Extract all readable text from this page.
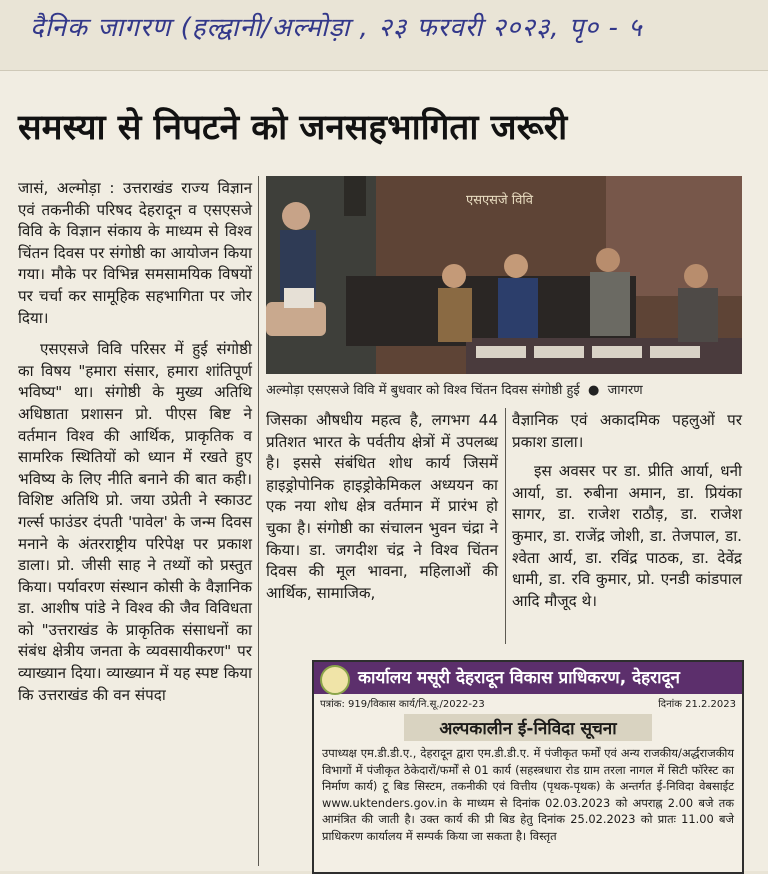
दैनिक जागरण (हल्द्वानी/अल्मोड़ा , २३ फरवरी २०२३, पृ० - ५
समस्या से निपटने को जनसहभागिता जरूरी

जासं, अल्मोड़ा : उत्तराखंड राज्य विज्ञान एवं तकनीकी परिषद देहरादून व एसएसजे विवि के विज्ञान संकाय के माध्यम से विश्व चिंतन दिवस पर संगोष्ठी का आयोजन किया गया। मौके पर विभिन्न समसामयिक विषयों पर चर्चा कर सामूहिक सहभागिता पर जोर दिया।

एसएसजे विवि परिसर में हुई संगोष्ठी का विषय "हमारा संसार, हमारा शांतिपूर्ण भविष्य" था। संगोष्ठी के मुख्य अतिथि अधिष्ठाता प्रशासन प्रो. पीएस बिष्ट ने वर्तमान विश्व की आर्थिक, प्राकृतिक व सामरिक स्थितियों को ध्यान में रखते हुए भविष्य के लिए नीति बनाने की बात कही। विशिष्ट अतिथि प्रो. जया उप्रेती ने स्काउट गर्ल्स फाउंडर दंपती 'पावेल' के जन्म दिवस मनाने के अंतरराष्ट्रीय परिपेक्ष पर प्रकाश डाला। प्रो. जीसी साह ने तथ्यों को प्रस्तुत किया। पर्यावरण संस्थान कोसी के वैज्ञानिक डा. आशीष पांडे ने विश्व की जैव विविधता को "उत्तराखंड के प्राकृतिक संसाधनों का संबंध क्षेत्रीय जनता के व्यवसायीकरण" पर व्याख्यान दिया। व्याख्यान में यह स्पष्ट किया कि उत्तराखंड की वन संपदा

एसएसजे विवि
अल्मोड़ा एसएसजे विवि में बुधवार को विश्व चिंतन दिवस संगोष्ठी हुई  ●  जागरण
जिसका औषधीय महत्व है, लगभग 44 प्रतिशत भारत के पर्वतीय क्षेत्रों में उपलब्ध है। इससे संबंधित शोध कार्य जिसमें हाइड्रोपोनिक हाइड्रोकेमिकल अध्ययन का एक नया शोध क्षेत्र वर्तमान में प्रारंभ हो चुका है। संगोष्ठी का संचालन भुवन चंद्रा ने किया। डा. जगदीश चंद्र ने विश्व चिंतन दिवस की मूल भावना, महिलाओं की आर्थिक, सामाजिक,

वैज्ञानिक एवं अकादमिक पहलुओं पर प्रकाश डाला।

इस अवसर पर डा. प्रीति आर्या, धनी आर्या, डा. रुबीना अमान, डा. प्रियंका सागर, डा. राजेश राठौड़, डा. राजेश कुमार, डा. राजेंद्र जोशी, डा. तेजपाल, डा. श्वेता आर्य, डा. रविंद्र पाठक, डा. देवेंद्र धामी, डा. रवि कुमार, प्रो. एनडी कांडपाल आदि मौजूद थे।

कार्यालय मसूरी देहरादून विकास प्राधिकरण, देहरादून
पत्रांक: 919/विकास कार्य/नि.सू./2022-23	दिनांक 21.2.2023
अल्पकालीन ई-निविदा सूचना
उपाध्यक्ष एम.डी.डी.ए., देहरादून द्वारा एम.डी.डी.ए. में पंजीकृत फर्मों एवं अन्य राजकीय/अर्द्धराजकीय विभागों में पंजीकृत ठेकेदारों/फर्मों से 01 कार्य (सहस्त्रधारा रोड ग्राम तरला नागल में सिटी फॉरेस्ट का निर्माण कार्य) टू बिड सिस्टम, तकनीकी एवं वित्तीय (पृथक-पृथक) के अन्तर्गत ई-निविदा वेबसाईट www.uktenders.gov.in के माध्यम से दिनांक 02.03.2023 को अपराह्न 2.00 बजे तक आमंत्रित की जाती है। उक्त कार्य की प्री बिड हेतु दिनांक 25.02.2023 को प्रातः 11.00 बजे प्राधिकरण कार्यालय में सम्पर्क किया जा सकता है। विस्तृत
